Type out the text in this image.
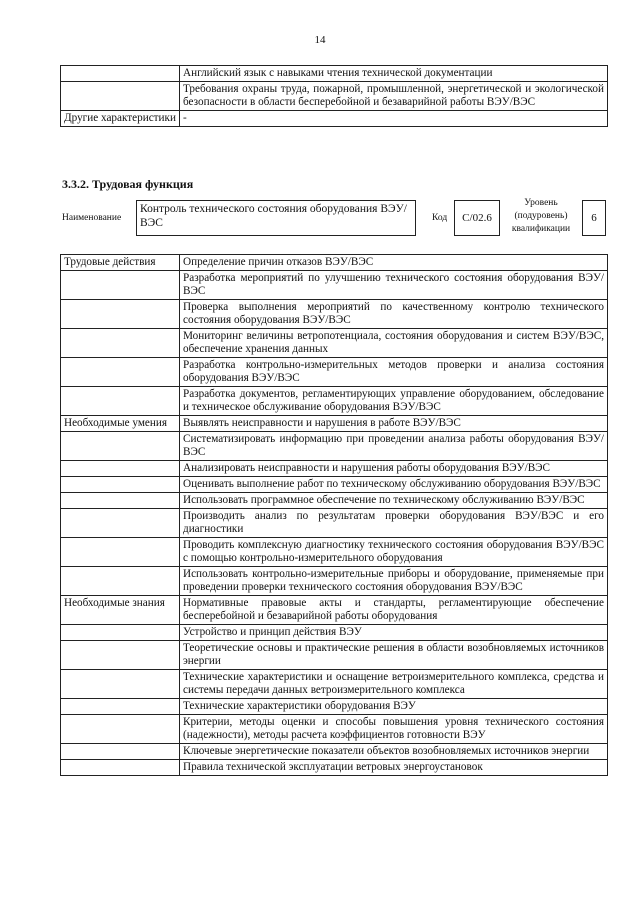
14
	Английский язык с навыками чтения технической документации
	Требования охраны труда, пожарной, промышленной, энергетической и экологической безопасности в области бесперебойной и безаварийной работы ВЭУ/ВЭС
Другие характеристики	-
3.3.2. Трудовая функция
Наименование
Контроль технического состояния оборудования ВЭУ/ВЭС	Код	С/02.6
Уровень (подуровень) квалификации
6
Трудовые действия	Определение причин отказов ВЭУ/ВЭС
	Разработка мероприятий по улучшению технического состояния оборудования ВЭУ/ВЭС
	Проверка выполнения мероприятий по качественному контролю технического состояния оборудования ВЭУ/ВЭС
	Мониторинг величины ветропотенциала, состояния оборудования и систем ВЭУ/ВЭС, обеспечение хранения данных
	Разработка контрольно-измерительных методов проверки и анализа состояния оборудования ВЭУ/ВЭС
	Разработка документов, регламентирующих управление оборудованием, обследование и техническое обслуживание оборудования ВЭУ/ВЭС
Необходимые умения	Выявлять неисправности и нарушения в работе ВЭУ/ВЭС
	Систематизировать информацию при проведении анализа работы оборудования ВЭУ/ВЭС
	Анализировать неисправности и нарушения работы оборудования ВЭУ/ВЭС
	Оценивать выполнение работ по техническому обслуживанию оборудования ВЭУ/ВЭС
	Использовать программное обеспечение по техническому обслуживанию ВЭУ/ВЭС
	Производить анализ по результатам проверки оборудования ВЭУ/ВЭС и его диагностики
	Проводить комплексную диагностику технического состояния оборудования ВЭУ/ВЭС с помощью контрольно-измерительного оборудования
	Использовать контрольно-измерительные приборы и оборудование, применяемые при проведении проверки технического состояния оборудования ВЭУ/ВЭС
Необходимые знания	Нормативные правовые акты и стандарты, регламентирующие обеспечение бесперебойной и безаварийной работы оборудования
	Устройство и принцип действия ВЭУ
	Теоретические основы и практические решения в области возобновляемых источников энергии
	Технические характеристики и оснащение ветроизмерительного комплекса, средства и системы передачи данных ветроизмерительного комплекса
	Технические характеристики оборудования ВЭУ
	Критерии, методы оценки и способы повышения уровня технического состояния (надежности), методы расчета коэффициентов готовности ВЭУ
	Ключевые энергетические показатели объектов возобновляемых источников энергии
	Правила технической эксплуатации ветровых энергоустановок
